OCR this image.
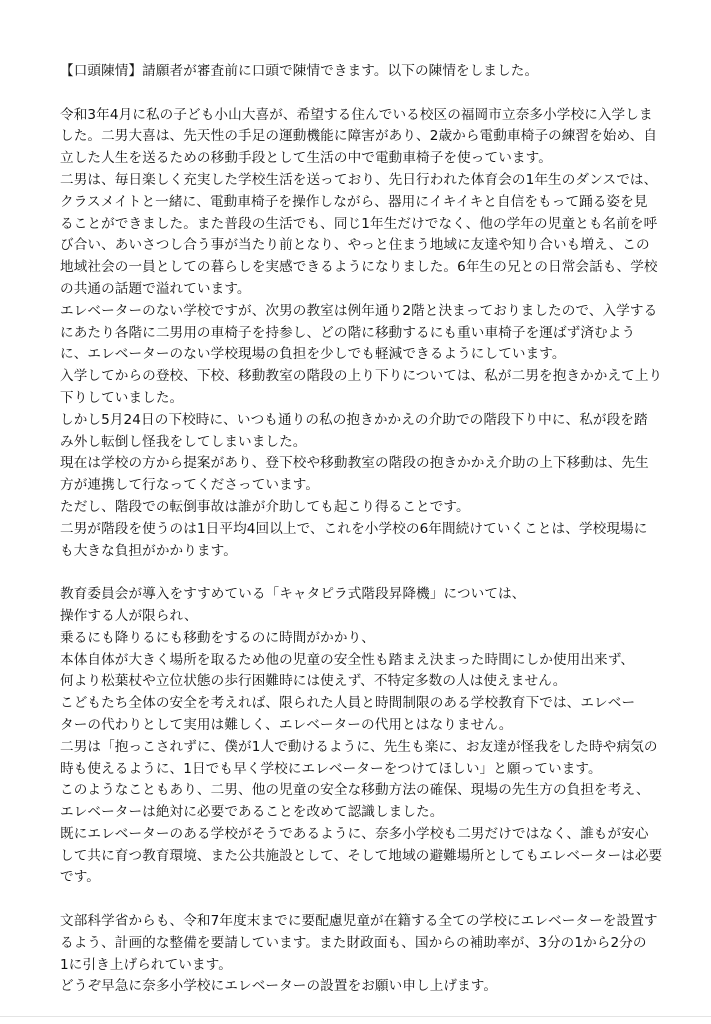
【口頭陳情】請願者が審査前に口頭で陳情できます。以下の陳情をしました。

令和3年4月に私の子ども小山大喜が、希望する住んでいる校区の福岡市立奈多小学校に入学しま

した。二男大喜は、先天性の手足の運動機能に障害があり、2歳から電動車椅子の練習を始め、自

立した人生を送るための移動手段として生活の中で電動車椅子を使っています。

二男は、毎日楽しく充実した学校生活を送っており、先日行われた体育会の1年生のダンスでは、

クラスメイトと一緒に、電動車椅子を操作しながら、器用にイキイキと自信をもって踊る姿を見

ることができました。また普段の生活でも、同じ1年生だけでなく、他の学年の児童とも名前を呼

び合い、あいさつし合う事が当たり前となり、やっと住まう地域に友達や知り合いも増え、この

地域社会の一員としての暮らしを実感できるようになりました。6年生の兄との日常会話も、学校

の共通の話題で溢れています。

エレベーターのない学校ですが、次男の教室は例年通り2階と決まっておりましたので、入学する

にあたり各階に二男用の車椅子を持参し、どの階に移動するにも重い車椅子を運ばず済むよう

に、エレベーターのない学校現場の負担を少しでも軽減できるようにしています。

入学してからの登校、下校、移動教室の階段の上り下りについては、私が二男を抱きかかえて上り

下りしていました。

しかし5月24日の下校時に、いつも通りの私の抱きかかえの介助での階段下り中に、私が段を踏

み外し転倒し怪我をしてしまいました。

現在は学校の方から提案があり、登下校や移動教室の階段の抱きかかえ介助の上下移動は、先生

方が連携して行なってくださっています。

ただし、階段での転倒事故は誰が介助しても起こり得ることです。

二男が階段を使うのは1日平均4回以上で、これを小学校の6年間続けていくことは、学校現場に

も大きな負担がかかります。

教育委員会が導入をすすめている「キャタピラ式階段昇降機」については、

操作する人が限られ、

乗るにも降りるにも移動をするのに時間がかかり、

本体自体が大きく場所を取るため他の児童の安全性も踏まえ決まった時間にしか使用出来ず、

何より松葉杖や立位状態の歩行困難時には使えず、不特定多数の人は使えません。

こどもたち全体の安全を考えれば、限られた人員と時間制限のある学校教育下では、エレベー

ターの代わりとして実用は難しく、エレベーターの代用とはなりません。

二男は「抱っこされずに、僕が1人で動けるように、先生も楽に、お友達が怪我をした時や病気の

時も使えるように、1日でも早く学校にエレベーターをつけてほしい」と願っています。

このようなこともあり、二男、他の児童の安全な移動方法の確保、現場の先生方の負担を考え、

エレベーターは絶対に必要であることを改めて認識しました。

既にエレベーターのある学校がそうであるように、奈多小学校も二男だけではなく、誰もが安心

して共に育つ教育環境、また公共施設として、そして地域の避難場所としてもエレベーターは必要

です。

文部科学省からも、令和7年度末までに要配慮児童が在籍する全ての学校にエレベーターを設置す

るよう、計画的な整備を要請しています。また財政面も、国からの補助率が、3分の1から2分の

1に引き上げられています。

どうぞ早急に奈多小学校にエレベーターの設置をお願い申し上げます。
